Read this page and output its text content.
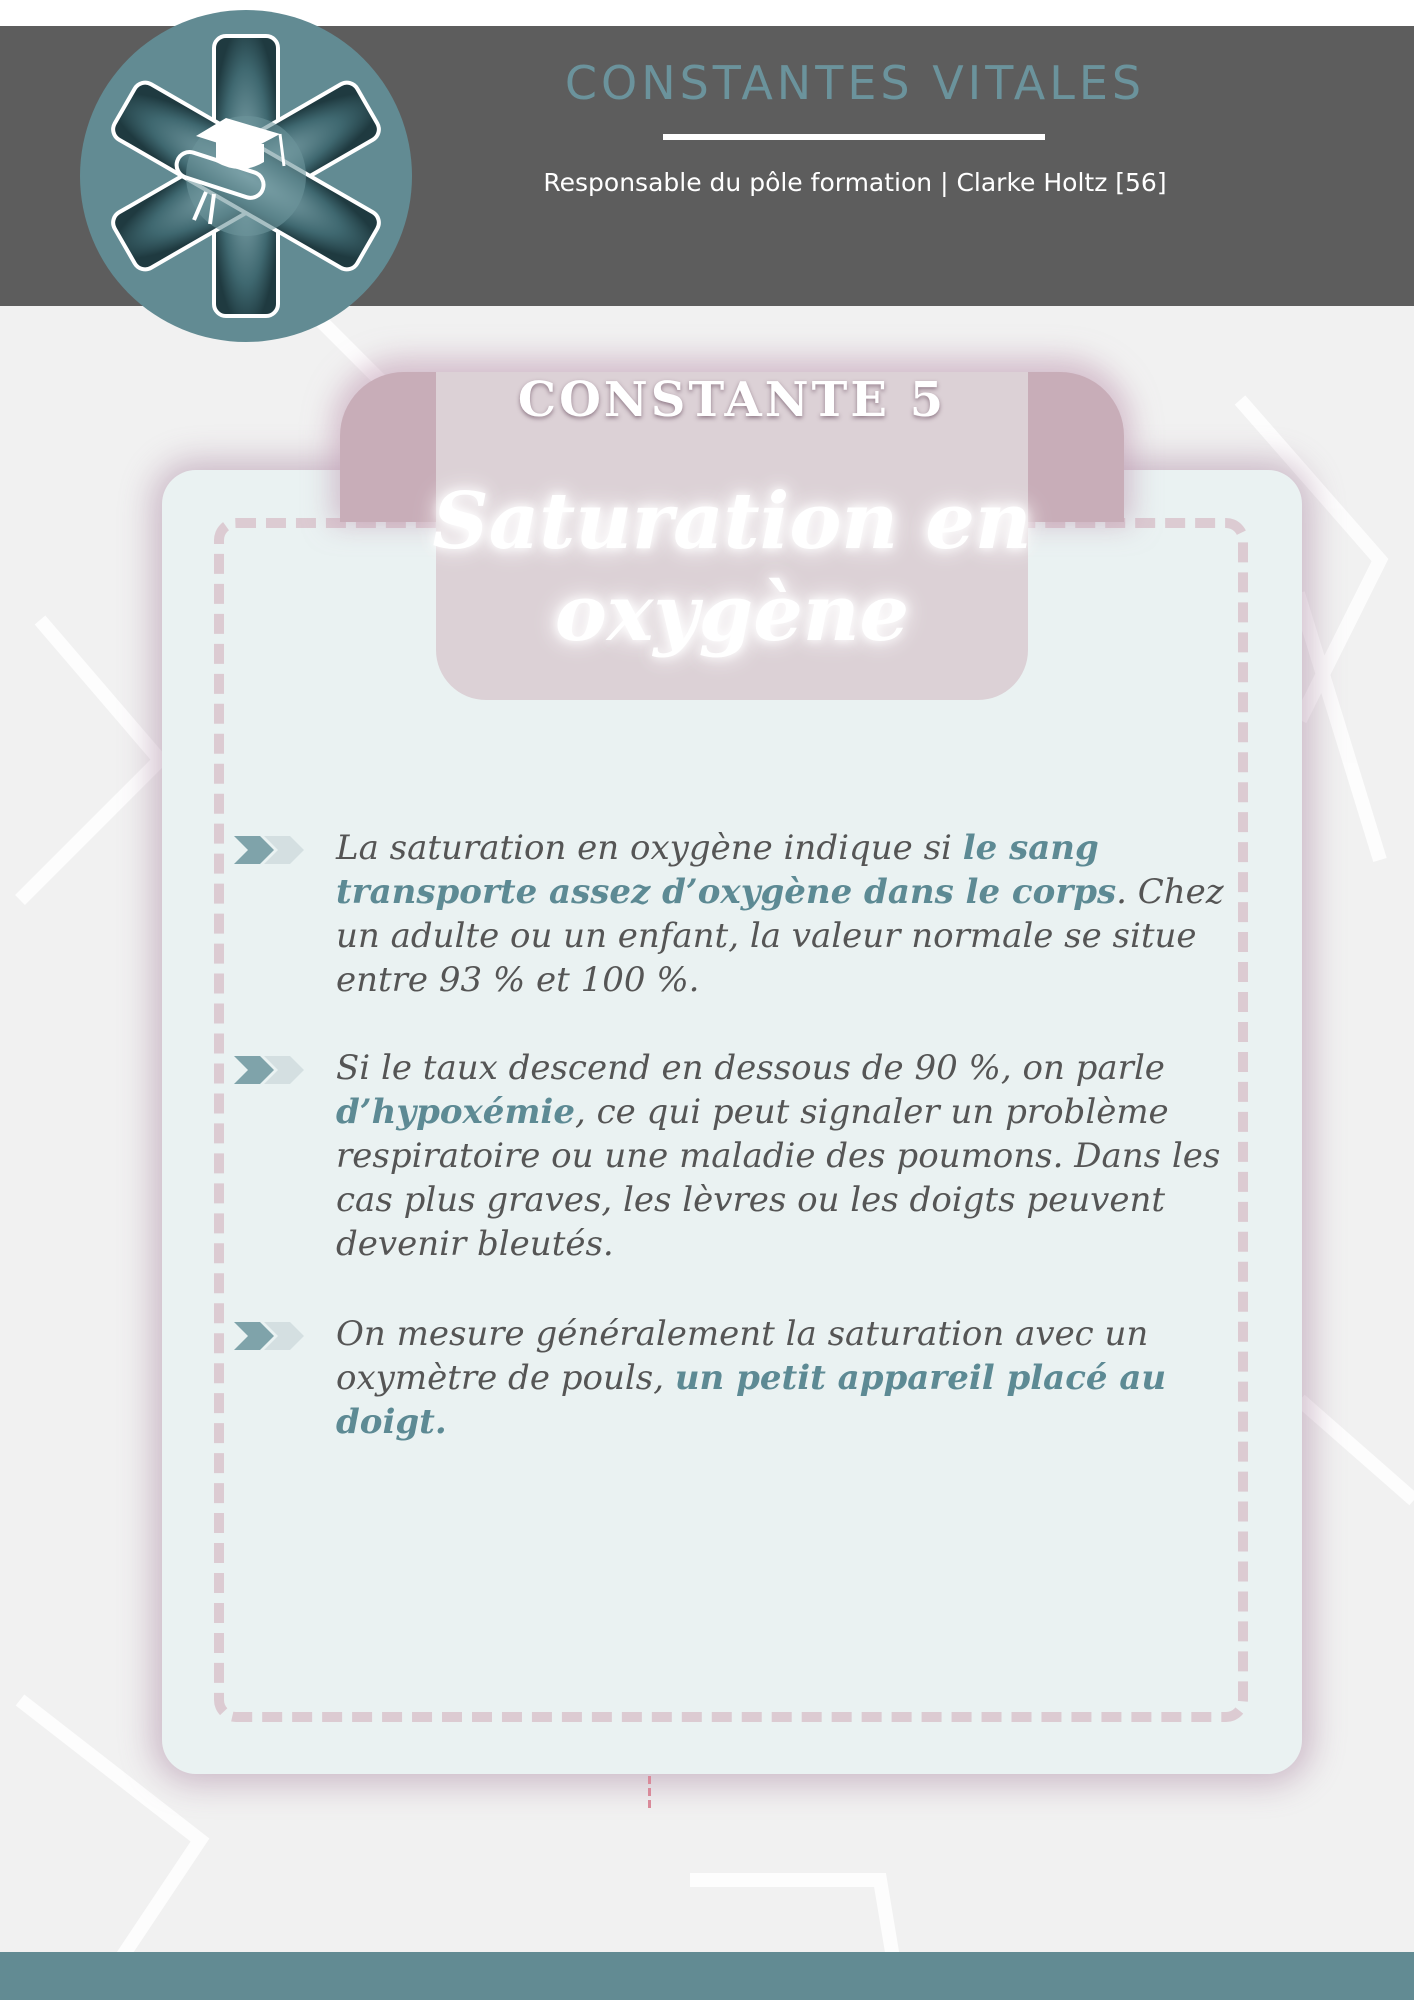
CONSTANTES VITALES
Responsable du pôle formation | Clarke Holtz [56]
CONSTANTE 5
Saturation en oxygène

La saturation en oxygène indique si le sang transporte assez d’oxygène dans le corps. Chez un adulte ou un enfant, la valeur normale se situe entre 93 % et 100 %.

Si le taux descend en dessous de 90 %, on parle d’hypoxémie, ce qui peut signaler un problème respiratoire ou une maladie des poumons. Dans les cas plus graves, les lèvres ou les doigts peuvent devenir bleutés.

On mesure généralement la saturation avec un oxymètre de pouls, un petit appareil placé au doigt.
